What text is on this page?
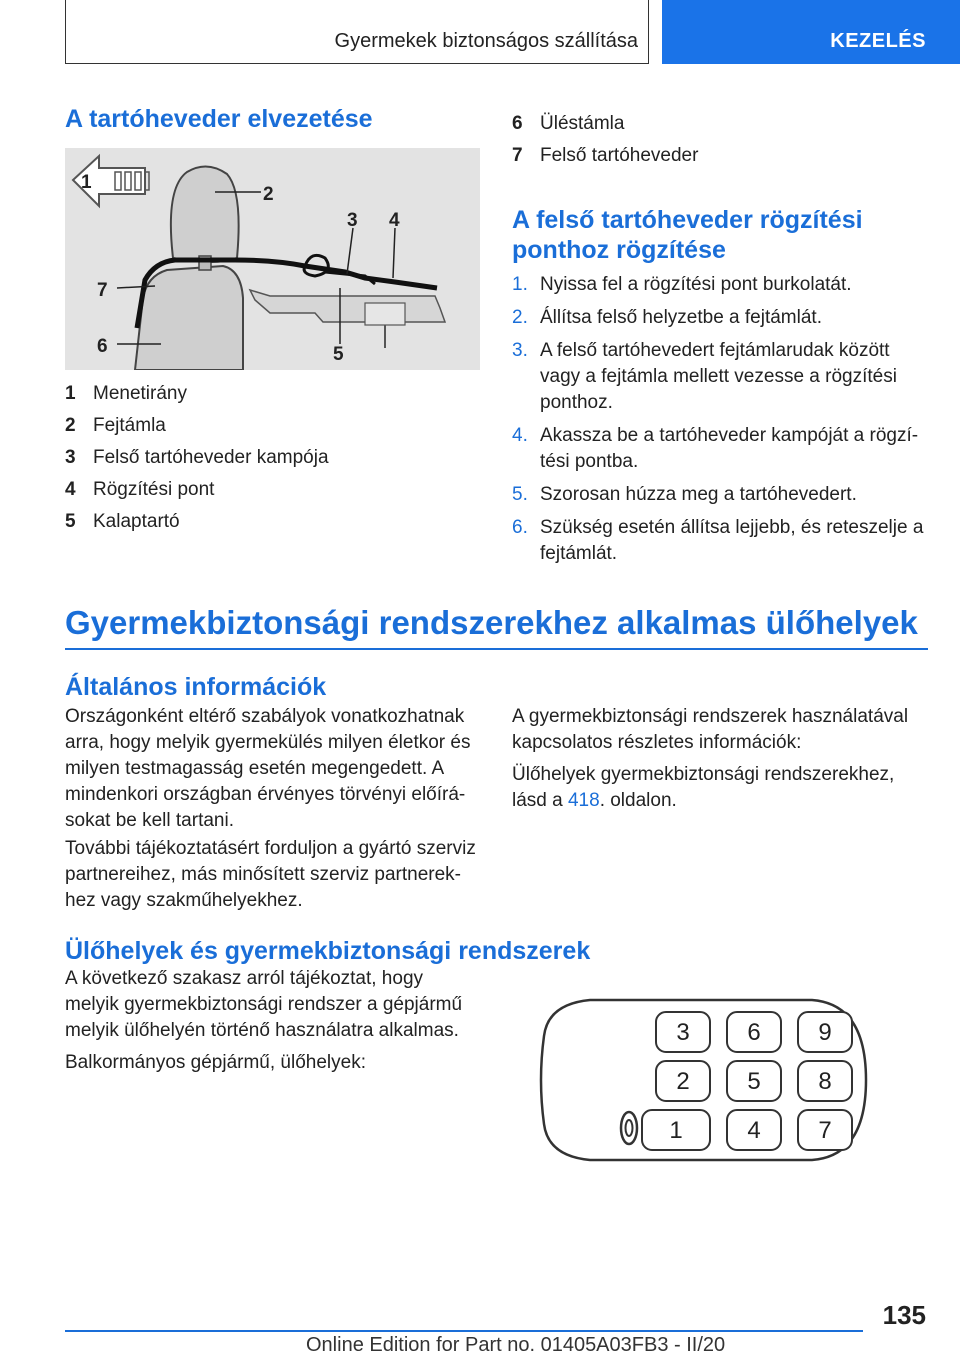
Gyermekek biztonságos szállítása	KEZELÉS
A tartóheveder elvezetése
1
2
3 4
5
6
7
1 Menetirány
2 Fejtámla
3 Felső tartóheveder kampója
4 Rögzítési pont
5 Kalaptartó
6 Üléstámla
7 Felső tartóheveder
A felső tartóheveder rögzítési
ponthoz rögzítése
1. Nyissa fel a rögzítési pont burkolatát.
2. Állítsa felső helyzetbe a fejtámlát.
3. A felső tartóhevedert fejtámlarudak között vagy a fejtámla mellett vezesse a rögzítési ponthoz.
4. Akassza be a tartóheveder kampóját a rögzí-tési pontba.
5. Szorosan húzza meg a tartóhevedert.
6. Szükség esetén állítsa lejjebb, és reteszelje a fejtámlát.
Gyermekbiztonsági rendszerekhez alkalmas ülőhelyek
Általános információk

Országonként eltérő szabályok vonatkozhatnak arra, hogy melyik gyermekülés milyen életkor és milyen testmagasság esetén megengedett. A mindenkori országban érvényes törvényi előírá-sokat be kell tartani.

További tájékoztatásért forduljon a gyártó szerviz partnereihez, más minősített szerviz partnerek-hez vagy szakműhelyekhez.

A gyermekbiztonsági rendszerek használatával kapcsolatos részletes információk:

Ülőhelyek gyermekbiztonsági rendszerekhez, lásd a 418. oldalon.

Ülőhelyek és gyermekbiztonsági rendszerek

A következő szakasz arról tájékoztat, hogy melyik gyermekbiztonsági rendszer a gépjármű melyik ülőhelyén történő használatra alkalmas.

Balkormányos gépjármű, ülőhelyek:

3 6 9
2 5 8
1	4 7
135
Online Edition for Part no. 01405A03FB3 - II/20
